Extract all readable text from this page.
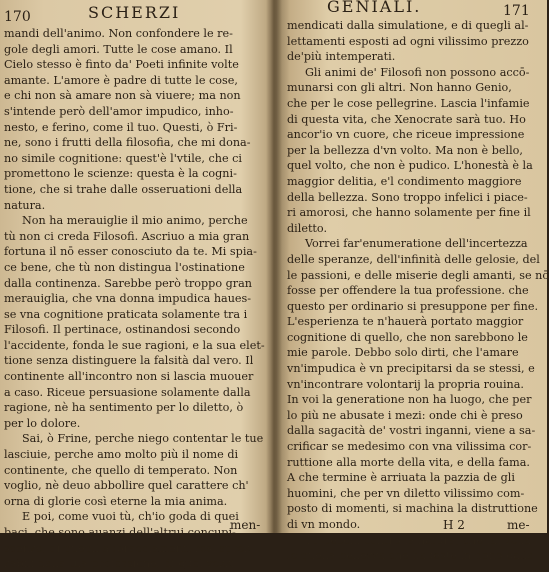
170	SCHERZI
mandi dell'animo. Non confondere le re-
gole degli amori. Tutte le cose amano. Il
Cielo stesso è finto da' Poeti infinite volte
amante. L'amore è padre di tutte le cose,
e chi non sà amare non sà viuere; ma non
s'intende però dell'amor impudico, inho-
nesto, e ferino, come il tuo. Questi, ò Fri-
ne, sono i frutti della filosofia, che mi dona-
no simile cognitione: quest'è l'vtile, che ci
promettono le scienze: questa è la cogni-
tione, che si trahe dalle osseruationi della
natura.
Non ha merauiglie il mio animo, perche
tù non ci creda Filosofi. Ascriuo a mia gran
fortuna il nō esser conosciuto da te. Mi spia-
ce bene, che tù non distingua l'ostinatione
dalla continenza. Sarebbe però troppo gran
merauiglia, che vna donna impudica haues-
se vna cognitione praticata solamente tra i
Filosofi. Il pertinace, ostinandosi secondo
l'accidente, fonda le sue ragioni, e la sua elet-
tione senza distinguere la falsità dal vero. Il
continente all'incontro non si lascia muouer
a caso. Riceue persuasione solamente dalla
ragione, nè ha sentimento per lo diletto, ò
per lo dolore.
Sai, ò Frine, perche niego contentar le tue
lasciuie, perche amo molto più il nome di
continente, che quello di temperato. Non
voglio, nè deuo abbollire quel carattere ch'
orna di glorie così eterne la mia anima.
E poi, come vuoi tù, ch'io goda di quei
baci, che sono auanzi dell'altrui concupi-
scenze, di quegli abbracciamenti resi sprez-
zabili dalla tua professione, di quei vezzi
men-
GENIALI.	171
mendicati dalla simulatione, e di quegli al-
lettamenti esposti ad ogni vilissimo prezzo
de'più intemperati.
Gli animi de' Filosofi non possono accō-
munarsi con gli altri. Non hanno Genio,
che per le cose pellegrine. Lascia l'infamie
di questa vita, che Xenocrate sarà tuo. Ho
ancor'io vn cuore, che riceue impressione
per la bellezza d'vn volto. Ma non è bello,
quel volto, che non è pudico. L'honestà è la
maggior delitia, e'l condimento maggiore
della bellezza. Sono troppo infelici i piace-
ri amorosi, che hanno solamente per fine il
diletto.
Vorrei far'enumeratione dell'incertezza
delle speranze, dell'infinità delle gelosie, del
le passioni, e delle miserie degli amanti, se nō
fosse per offendere la tua professione. che
questo per ordinario si presuppone per fine.
L'esperienza te n'hauerà portato maggior
cognitione di quello, che non sarebbono le
mie parole. Debbo solo dirti, che l'amare
vn'impudica è vn precipitarsi da se stessi, e
vn'incontrare volontarij la propria rouina.
In voi la generatione non ha luogo, che per
lo più ne abusate i mezi: onde chi è preso
dalla sagacità de' vostri inganni, viene a sa-
crificar se medesimo con vna vilissima cor-
ruttione alla morte della vita, e della fama.
A che termine è arriuata la pazzia de gli
huomini, che per vn diletto vilissimo com-
posto di momenti, si machina la distruttione
di vn mondo.
Tu pecchi contro la natura, che fai vena-
le quella bellezza che haueste in dono dalla
H 2	me-
